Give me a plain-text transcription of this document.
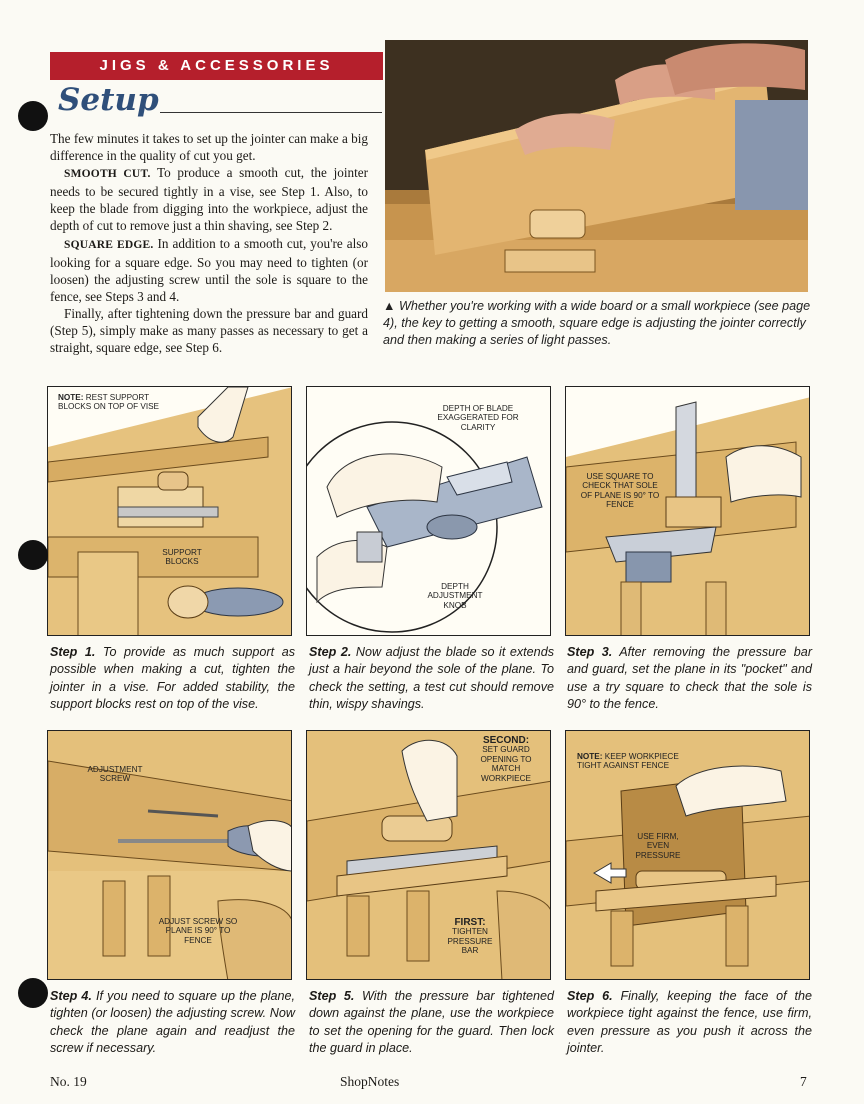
JIGS & ACCESSORIES
Setup

The few minutes it takes to set up the jointer can make a big difference in the quality of cut you get.

SMOOTH CUT. To produce a smooth cut, the jointer needs to be secured tightly in a vise, see Step 1. Also, to keep the blade from digging into the workpiece, adjust the depth of cut to remove just a thin shaving, see Step 2.

SQUARE EDGE. In addition to a smooth cut, you're also looking for a square edge. So you may need to tighten (or loosen) the adjusting screw until the sole is square to the fence, see Steps 3 and 4.

Finally, after tightening down the pressure bar and guard (Step 5), simply make as many passes as necessary to get a straight, square edge, see Step 6.

▲ Whether you're working with a wide board or a small workpiece (see page 4), the key to getting a smooth, square edge is adjusting the jointer correctly and then making a series of light passes.
NOTE: REST SUPPORT BLOCKS ON TOP OF VISE
SUPPORT BLOCKS
DEPTH OF BLADE EXAGGERATED FOR CLARITY
DEPTH ADJUSTMENT KNOB
USE SQUARE TO CHECK THAT SOLE OF PLANE IS 90° TO FENCE
Step 1. To provide as much support as possible when making a cut, tighten the jointer in a vise. For added stability, the support blocks rest on top of the vise.
Step 2. Now adjust the blade so it extends just a hair beyond the sole of the plane. To check the setting, a test cut should remove thin, wispy shavings.
Step 3. After removing the pressure bar and guard, set the plane in its "pocket" and use a try square to check that the sole is 90° to the fence.
ADJUSTMENT SCREW
ADJUST SCREW SO PLANE IS 90° TO FENCE
SECOND:
SET GUARD OPENING TO MATCH WORKPIECE
FIRST:
TIGHTEN PRESSURE BAR
NOTE: KEEP WORKPIECE TIGHT AGAINST FENCE
USE FIRM, EVEN PRESSURE
Step 4. If you need to square up the plane, tighten (or loosen) the adjusting screw. Now check the plane again and readjust the screw if necessary.
Step 5. With the pressure bar tightened down against the plane, use the workpiece to set the opening for the guard. Then lock the guard in place.
Step 6. Finally, keeping the face of the workpiece tight against the fence, use firm, even pressure as you push it across the jointer.
No. 19	ShopNotes	7
